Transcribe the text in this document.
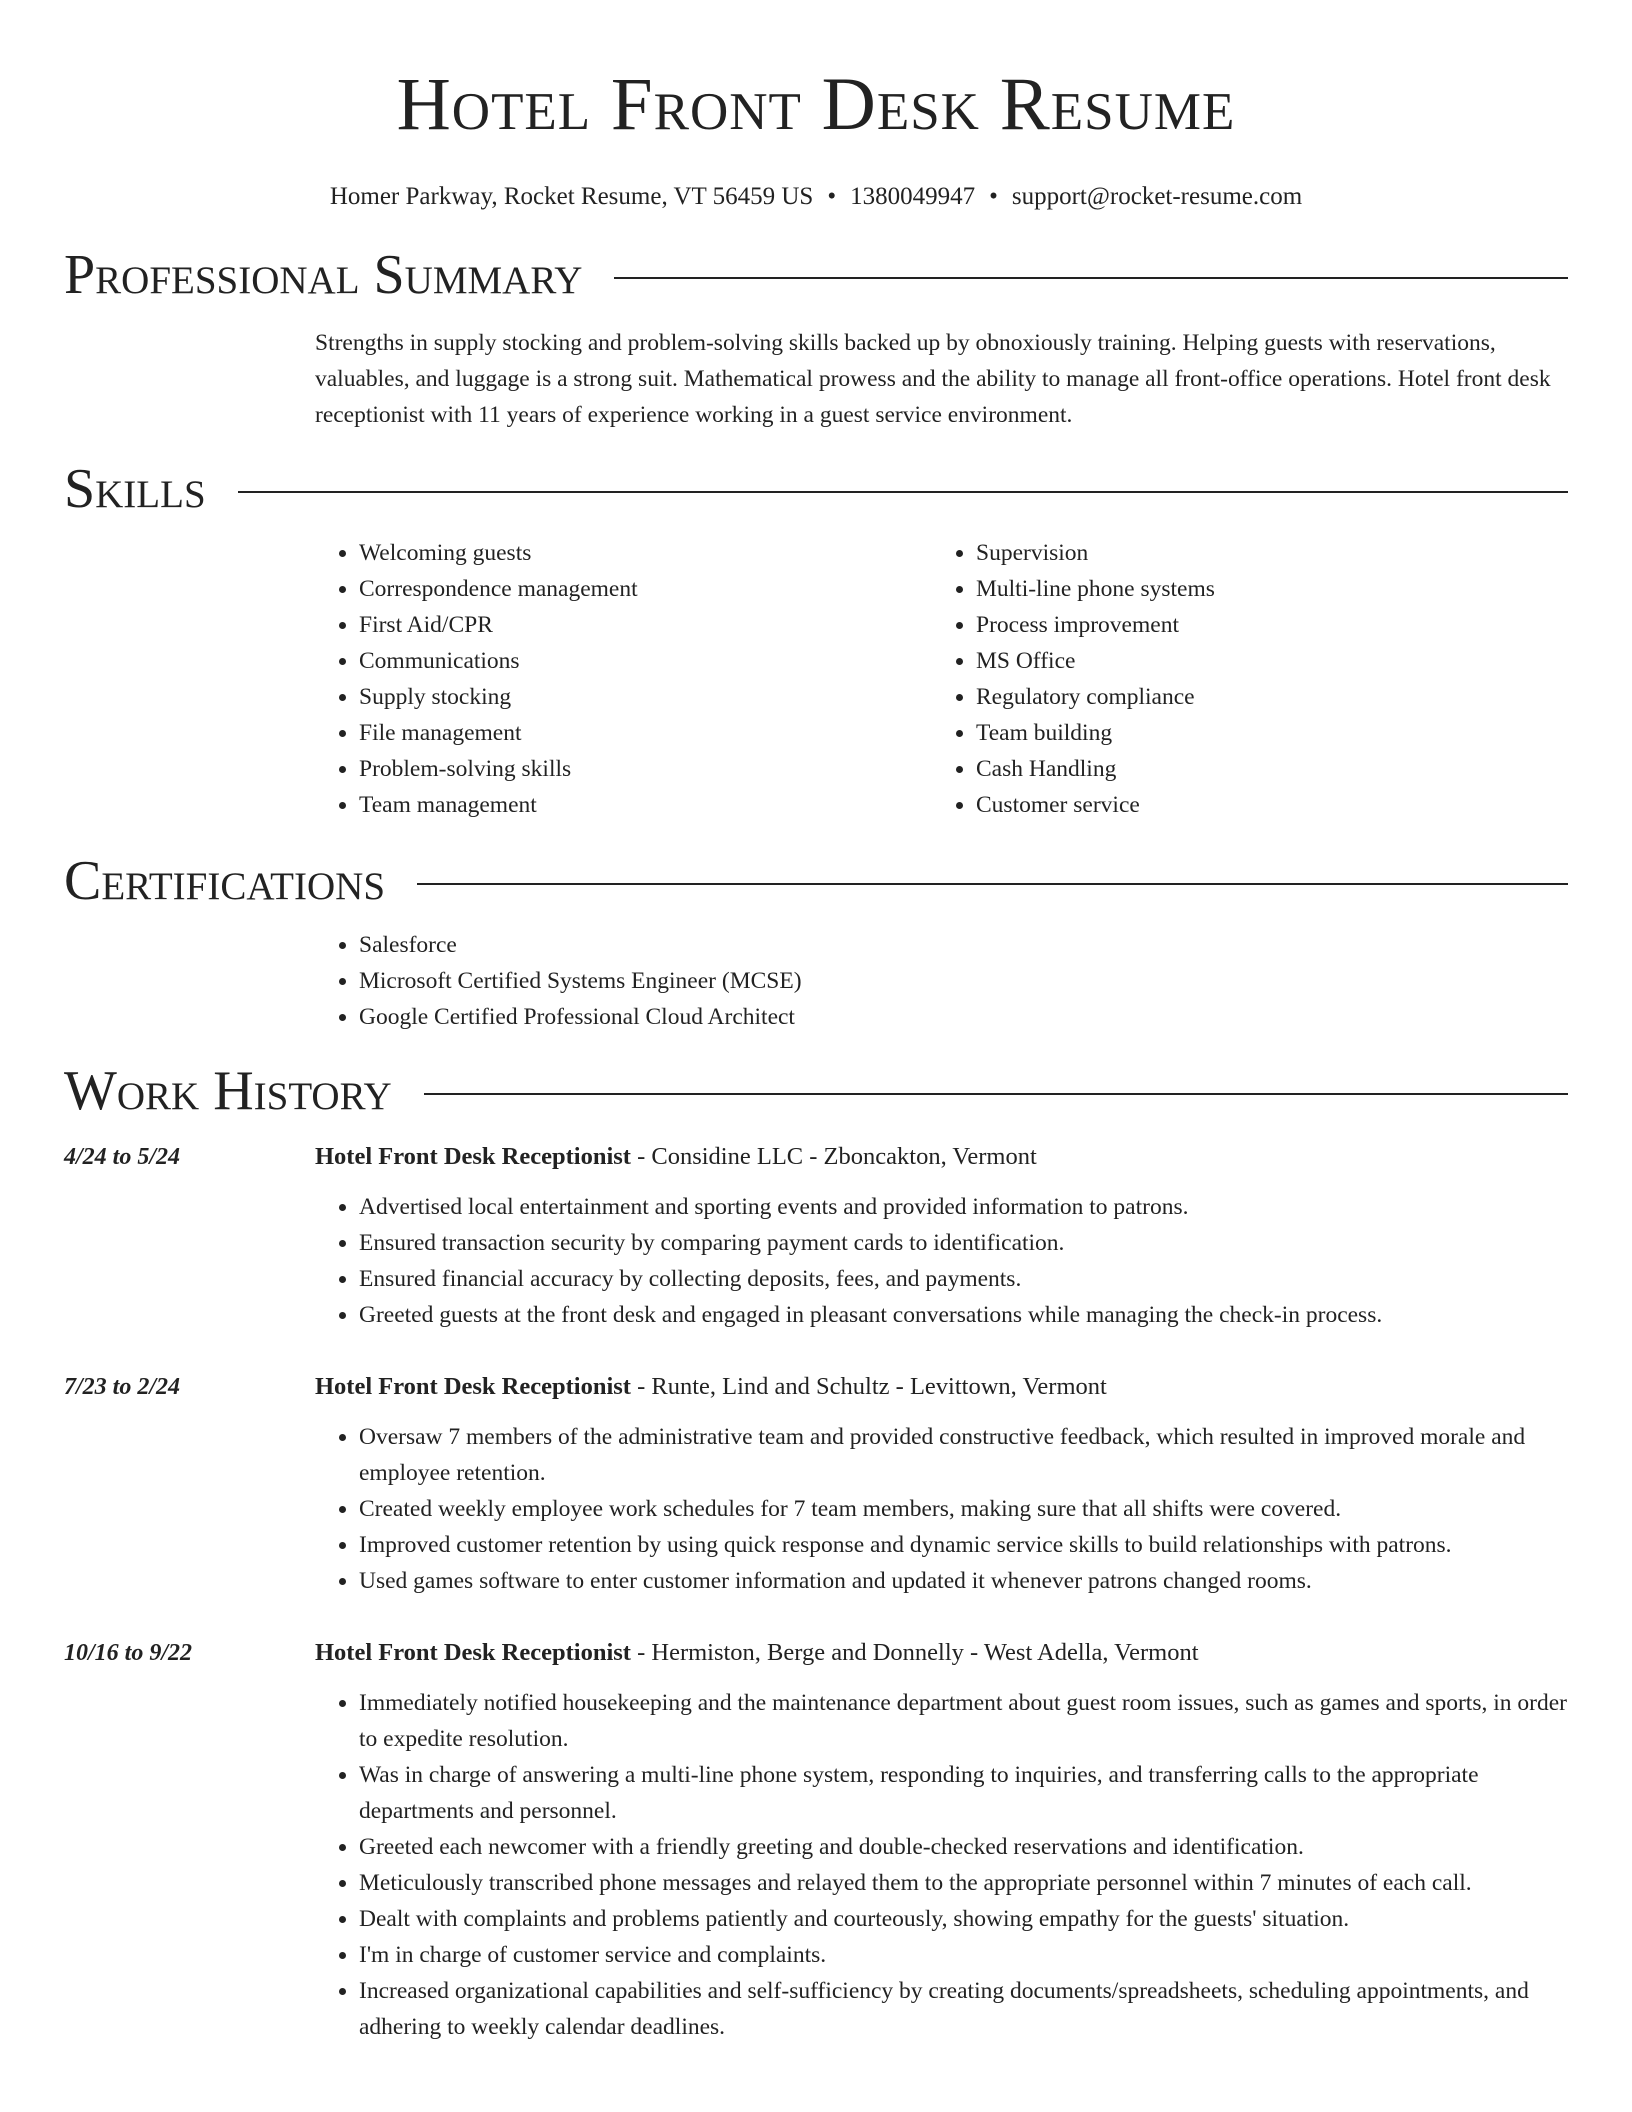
Hotel Front Desk Resume
Homer Parkway, Rocket Resume, VT 56459 US • 1380049947 • support@rocket-resume.com
Professional Summary
Strengths in supply stocking and problem-solving skills backed up by obnoxiously training. Helping guests with reservations, valuables, and luggage is a strong suit. Mathematical prowess and the ability to manage all front-office operations. Hotel front desk receptionist with 11 years of experience working in a guest service environment.
Skills
• Welcoming guests
• Correspondence management
• First Aid/CPR
• Communications
• Supply stocking
• File management
• Problem-solving skills
• Team management
• Supervision
• Multi-line phone systems
• Process improvement
• MS Office
• Regulatory compliance
• Team building
• Cash Handling
• Customer service
Certifications
• Salesforce
• Microsoft Certified Systems Engineer (MCSE)
• Google Certified Professional Cloud Architect
Work History
4/24 to 5/24	Hotel Front Desk Receptionist - Considine LLC - Zboncakton, Vermont
• Advertised local entertainment and sporting events and provided information to patrons.
• Ensured transaction security by comparing payment cards to identification.
• Ensured financial accuracy by collecting deposits, fees, and payments.
• Greeted guests at the front desk and engaged in pleasant conversations while managing the check-in process.
7/23 to 2/24	Hotel Front Desk Receptionist - Runte, Lind and Schultz - Levittown, Vermont
• Oversaw 7 members of the administrative team and provided constructive feedback, which resulted in improved morale and employee retention.
• Created weekly employee work schedules for 7 team members, making sure that all shifts were covered.
• Improved customer retention by using quick response and dynamic service skills to build relationships with patrons.
• Used games software to enter customer information and updated it whenever patrons changed rooms.
10/16 to 9/22	Hotel Front Desk Receptionist - Hermiston, Berge and Donnelly - West Adella, Vermont
• Immediately notified housekeeping and the maintenance department about guest room issues, such as games and sports, in order to expedite resolution.
• Was in charge of answering a multi-line phone system, responding to inquiries, and transferring calls to the appropriate departments and personnel.
• Greeted each newcomer with a friendly greeting and double-checked reservations and identification.
• Meticulously transcribed phone messages and relayed them to the appropriate personnel within 7 minutes of each call.
• Dealt with complaints and problems patiently and courteously, showing empathy for the guests' situation.
• I'm in charge of customer service and complaints.
• Increased organizational capabilities and self-sufficiency by creating documents/spreadsheets, scheduling appointments, and adhering to weekly calendar deadlines.
